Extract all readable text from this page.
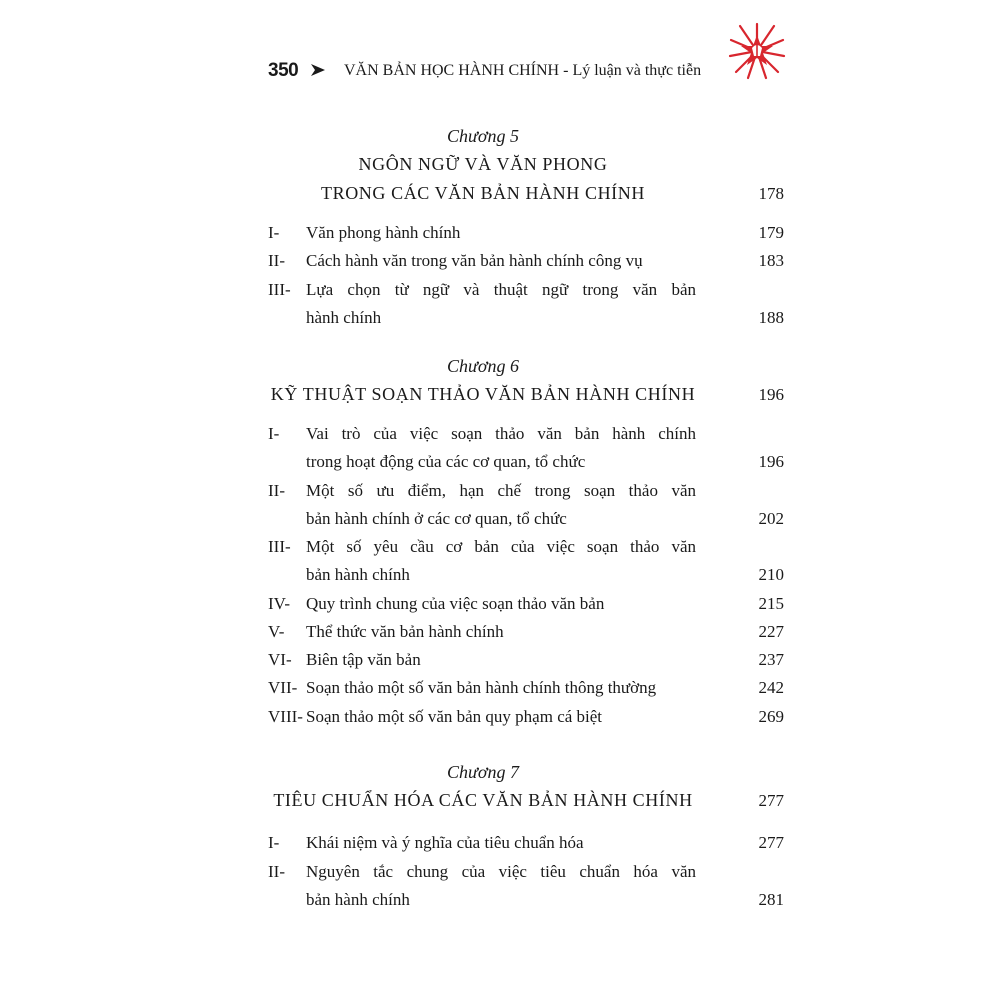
350	VĂN BẢN HỌC HÀNH CHÍNH - Lý luận và thực tiễn
Chương 5
NGÔN NGỮ VÀ VĂN PHONG
TRONG CÁC VĂN BẢN HÀNH CHÍNH	178
I- Văn phong hành chính	179
II- Cách hành văn trong văn bản hành chính công vụ	183
III- Lựa chọn từ ngữ và thuật ngữ trong văn bản
hành chính	188
Chương 6
KỸ THUẬT SOẠN THẢO VĂN BẢN HÀNH CHÍNH	196
I- Vai trò của việc soạn thảo văn bản hành chính
trong hoạt động của các cơ quan, tổ chức	196
II- Một số ưu điểm, hạn chế trong soạn thảo văn
bản hành chính ở các cơ quan, tổ chức	202
III- Một số yêu cầu cơ bản của việc soạn thảo văn
bản hành chính	210
IV- Quy trình chung của việc soạn thảo văn bản	215
V- Thể thức văn bản hành chính	227
VI- Biên tập văn bản	237
VII- Soạn thảo một số văn bản hành chính thông thường	242
VIII- Soạn thảo một số văn bản quy phạm cá biệt	269
Chương 7
TIÊU CHUẨN HÓA CÁC VĂN BẢN HÀNH CHÍNH	277
I- Khái niệm và ý nghĩa của tiêu chuẩn hóa	277
II- Nguyên tắc chung của việc tiêu chuẩn hóa văn
bản hành chính	281
